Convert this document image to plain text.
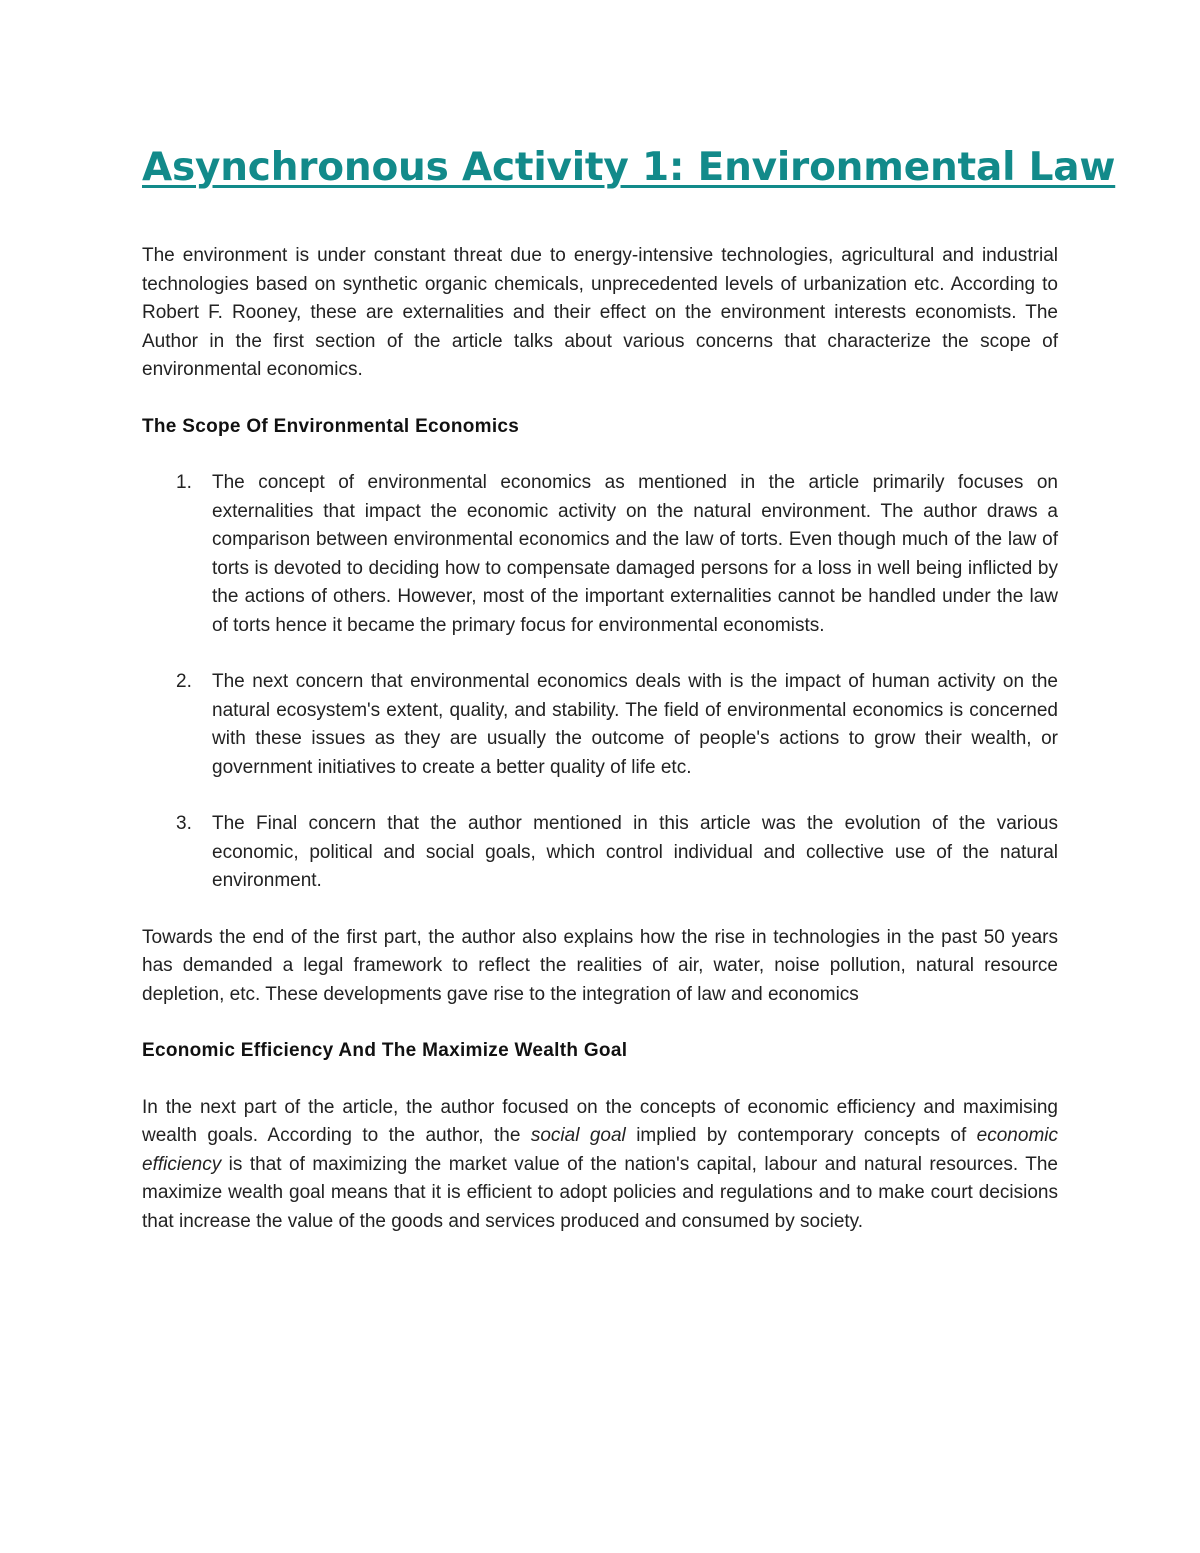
Asynchronous Activity 1: Environmental Law

The environment is under constant threat due to energy-intensive technologies, agricultural and industrial technologies based on synthetic organic chemicals, unprecedented levels of urbanization etc. According to Robert F. Rooney, these are externalities and their effect on the environment interests economists. The Author in the first section of the article talks about various concerns that characterize the scope of environmental economics.

The Scope Of Environmental Economics

1. The concept of environmental economics as mentioned in the article primarily focuses on externalities that impact the economic activity on the natural environment. The author draws a comparison between environmental economics and the law of torts. Even though much of the law of torts is devoted to deciding how to compensate damaged persons for a loss in well being inflicted by the actions of others. However, most of the important externalities cannot be handled under the law of torts hence it became the primary focus for environmental economists.
2. The next concern that environmental economics deals with is the impact of human activity on the natural ecosystem's extent, quality, and stability. The field of environmental economics is concerned with these issues as they are usually the outcome of people's actions to grow their wealth, or government initiatives to create a better quality of life etc.
3. The Final concern that the author mentioned in this article was the evolution of the various economic, political and social goals, which control individual and collective use of the natural environment.

Towards the end of the first part, the author also explains how the rise in technologies in the past 50 years has demanded a legal framework to reflect the realities of air, water, noise pollution, natural resource depletion, etc. These developments gave rise to the integration of law and economics

Economic Efficiency And The Maximize Wealth Goal

In the next part of the article, the author focused on the concepts of economic efficiency and maximising wealth goals. According to the author, the social goal implied by contemporary concepts of economic efficiency is that of maximizing the market value of the nation's capital, labour and natural resources. The maximize wealth goal means that it is efficient to adopt policies and regulations and to make court decisions that increase the value of the goods and services produced and consumed by society.
